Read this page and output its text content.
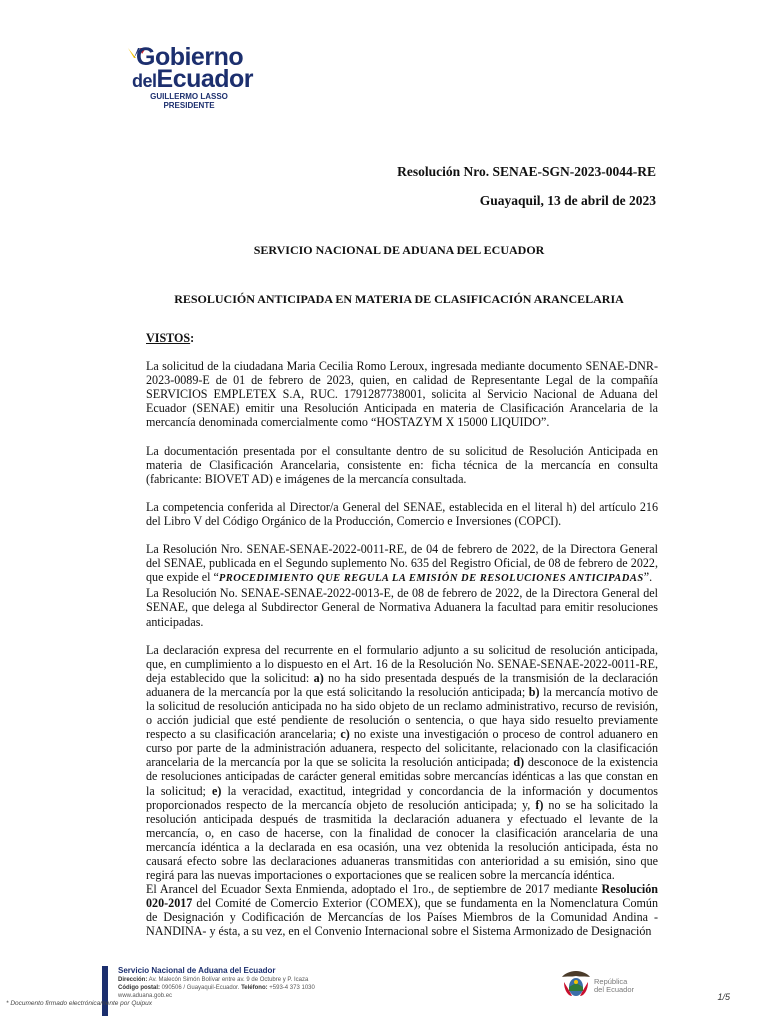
Gobierno
delEcuador
GUILLERMO LASSO
PRESIDENTE
Resolución Nro. SENAE-SGN-2023-0044-RE
Guayaquil, 13 de abril de 2023
SERVICIO NACIONAL DE ADUANA DEL ECUADOR
RESOLUCIÓN ANTICIPADA EN MATERIA DE CLASIFICACIÓN ARANCELARIA

VISTOS:

La solicitud de la ciudadana Maria Cecilia Romo Leroux, ingresada mediante documento SENAE-DNR-2023-0089-E de 01 de febrero de 2023, quien, en calidad de Representante Legal de la compañía SERVICIOS EMPLETEX S.A, RUC. 1791287738001, solicita al Servicio Nacional de Aduana del Ecuador (SENAE) emitir una Resolución Anticipada en materia de Clasificación Arancelaria de la mercancía denominada comercialmente como “HOSTAZYM X 15000 LIQUIDO”.

La documentación presentada por el consultante dentro de su solicitud de Resolución Anticipada en materia de Clasificación Arancelaria, consistente en: ficha técnica de la mercancía en consulta (fabricante: BIOVET AD) e imágenes de la mercancía consultada.

La competencia conferida al Director/a General del SENAE, establecida en el literal h) del artículo 216 del Libro V del Código Orgánico de la Producción, Comercio e Inversiones (COPCI).

La Resolución Nro. SENAE-SENAE-2022-0011-RE, de 04 de febrero de 2022, de la Directora General del SENAE, publicada en el Segundo suplemento No. 635 del Registro Oficial, de 08 de febrero de 2022, que expide el “PROCEDIMIENTO QUE REGULA LA EMISIÓN DE RESOLUCIONES ANTICIPADAS”.

La Resolución No. SENAE-SENAE-2022-0013-E, de 08 de febrero de 2022, de la Directora General del SENAE, que delega al Subdirector General de Normativa Aduanera la facultad para emitir resoluciones anticipadas.

La declaración expresa del recurrente en el formulario adjunto a su solicitud de resolución anticipada, que, en cumplimiento a lo dispuesto en el Art. 16 de la Resolución No. SENAE-SENAE-2022-0011-RE, deja establecido que la solicitud: a) no ha sido presentada después de la transmisión de la declaración aduanera de la mercancía por la que está solicitando la resolución anticipada; b) la mercancía motivo de la solicitud de resolución anticipada no ha sido objeto de un reclamo administrativo, recurso de revisión, o acción judicial que esté pendiente de resolución o sentencia, o que haya sido resuelto previamente respecto a su clasificación arancelaria; c) no existe una investigación o proceso de control aduanero en curso por parte de la administración aduanera, respecto del solicitante, relacionado con la clasificación arancelaria de la mercancía por la que se solicita la resolución anticipada; d) desconoce de la existencia de resoluciones anticipadas de carácter general emitidas sobre mercancías idénticas a las que constan en la solicitud; e) la veracidad, exactitud, integridad y concordancia de la información y documentos proporcionados respecto de la mercancía objeto de resolución anticipada; y, f) no se ha solicitado la resolución anticipada después de trasmitida la declaración aduanera y efectuado el levante de la mercancía, o, en caso de hacerse, con la finalidad de conocer la clasificación arancelaria de una mercancía idéntica a la declarada en esa ocasión, una vez obtenida la resolución anticipada, ésta no causará efecto sobre las declaraciones aduaneras transmitidas con anterioridad a su emisión, sino que regirá para las nuevas importaciones o exportaciones que se realicen sobre la mercancía idéntica.

El Arancel del Ecuador Sexta Enmienda, adoptado el 1ro., de septiembre de 2017 mediante Resolución 020-2017 del Comité de Comercio Exterior (COMEX), que se fundamenta en la Nomenclatura Común de Designación y Codificación de Mercancías de los Países Miembros de la Comunidad Andina -NANDINA- y ésta, a su vez, en el Convenio Internacional sobre el Sistema Armonizado de Designación

Servicio Nacional de Aduana del Ecuador
Dirección: Av. Malecón Simón Bolívar entre av. 9 de Octubre y P. Icaza
Código postal: 090506 / Guayaquil-Ecuador. Teléfono: +593-4 373 1030
www.aduana.gob.ec
República
del Ecuador
1/5
* Documento firmado electrónicamente por Quipux
